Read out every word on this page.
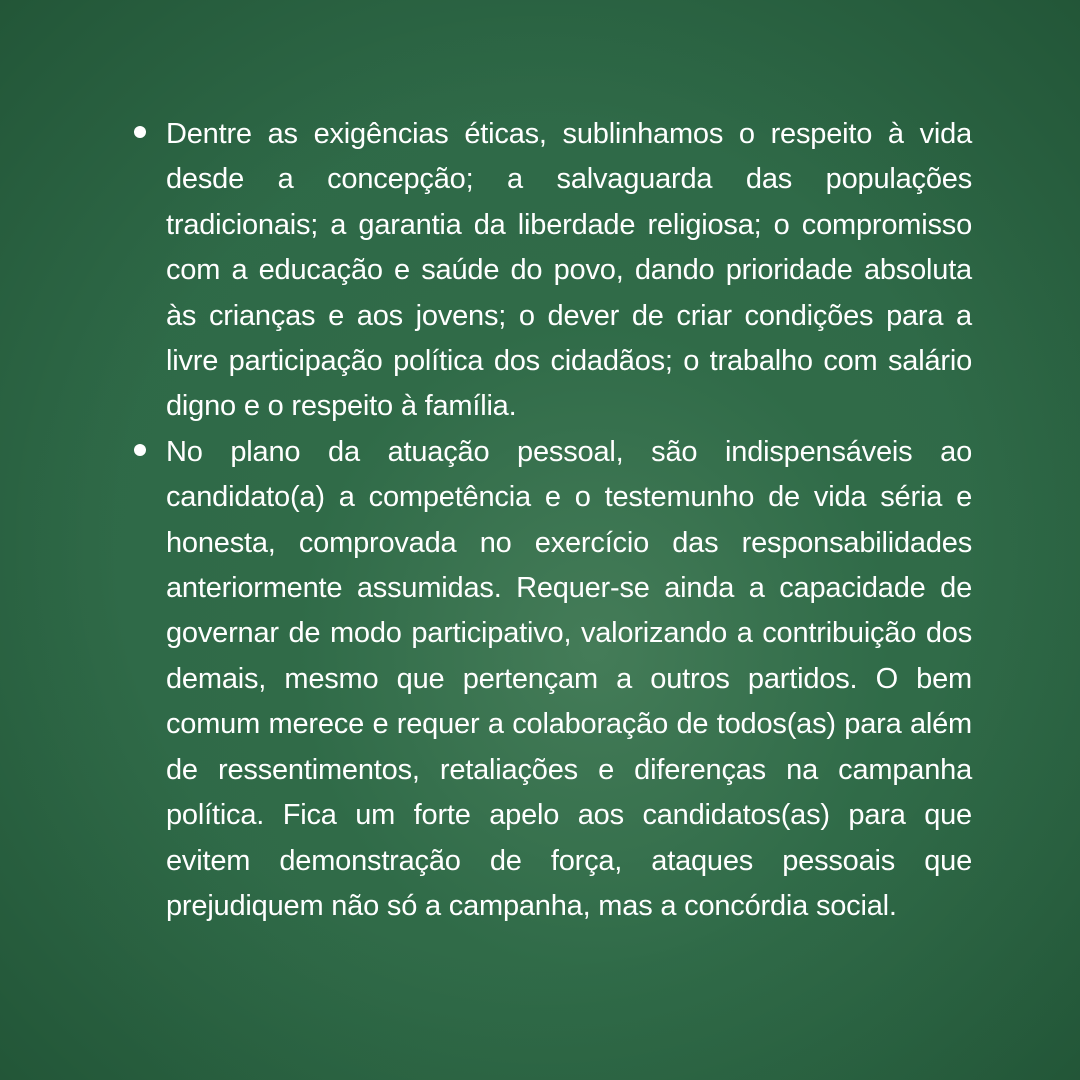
Dentre as exigências éticas, sublinhamos o respeito à vida desde a concepção; a salvaguarda das populações tradicionais; a garantia da liberdade religiosa; o compromisso com a educação e saúde do povo, dando prioridade absoluta às crianças e aos jovens; o dever de criar condições para a livre participação política dos cidadãos; o trabalho com salário digno e o respeito à família.
No plano da atuação pessoal, são indispensáveis ao candidato(a) a competência e o testemunho de vida séria e honesta, comprovada no exercício das responsabilidades anteriormente assumidas. Requer-se ainda a capacidade de governar de modo participativo, valorizando a contribuição dos demais, mesmo que pertençam a outros partidos. O bem comum merece e requer a colaboração de todos(as) para além de ressentimentos, retaliações e diferenças na campanha política. Fica um forte apelo aos candidatos(as) para que evitem demonstração de força, ataques pessoais que prejudiquem não só a campanha, mas a concórdia social.
